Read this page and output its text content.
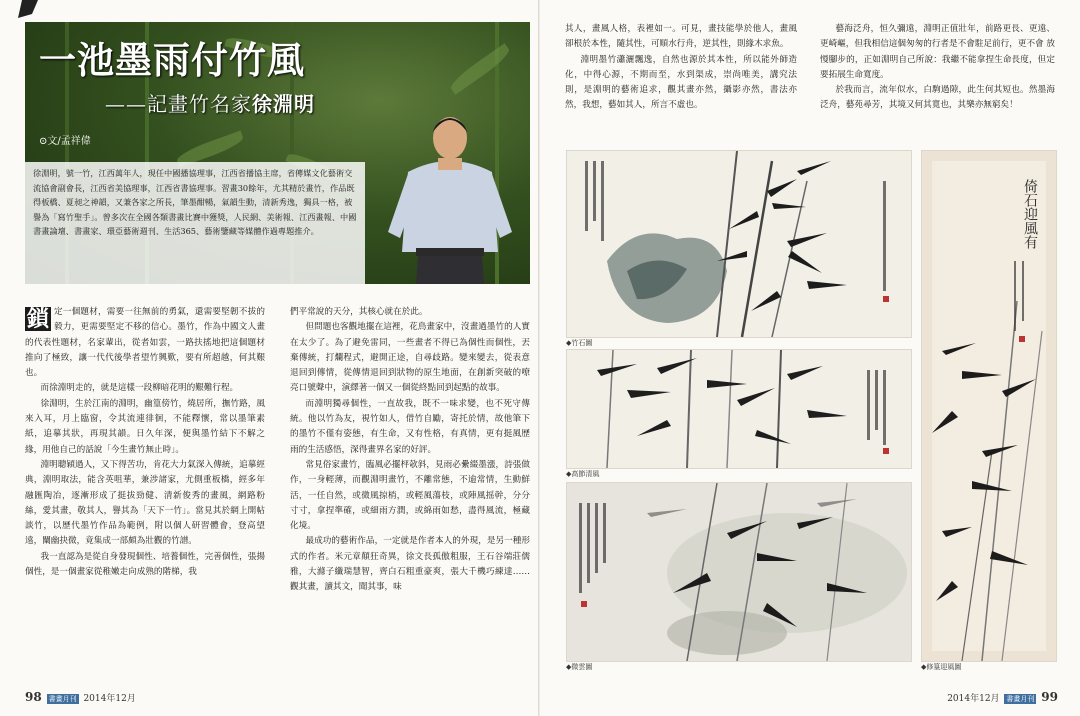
一池墨雨付竹風
——記畫竹名家徐淵明
⊙文/孟祥偉
徐淵明，號一竹，江西萬年人，現任中國播協理事，江西省播協主席，省傳媒文化藝術交流協會副會長，江西省美協理事，江西省書協理事。習畫30餘年，尤其精於畫竹，作品既得板橋、夏昶之神韻，又兼各家之所長，筆墨酣暢，氣韻生動，清新秀逸，獨具一格，被譽為「寫竹聖手」。曾多次在全國各類書畫比賽中獲獎，人民網、美術報、江西畫報、中國書畫論壇、書畫家、環亞藝術週刊、生活365、藝術鑒藏等媒體作過專題推介。

鎖 定一個題材，需要一往無前的勇氣，還需要堅韌不拔的毅力，更需要堅定不移的信心。墨竹，作為中國文人畫的代表性題材，名家輩出，從者如雲，一路扶搖地把這個題材推向了極致，讓一代代後學者望竹興歎，要有所超越，何其艱也。

而徐淵明走的，就是這樣一段柳暗花明的艱難行程。

徐淵明，生於江南的淵明，幽篁傍竹，燒居所，撫竹路，風來入耳，月上臨窗，令其流連徘徊，不能釋懷，常以墨筆素紙，追摹其狀，再現其韻。日久年深，便與墨竹結下不解之緣，用他自己的話說「今生畫竹無止時」。

淵明聰穎過人，又下得苦功，肯花大力氣深入傳統，追摹經典，淵明取法，能含英咀華，兼涉諸家，尤側重板橋，經多年融匯陶冶，逐漸形成了挺拔勁健、清新俊秀的畫風，網路粉絲，愛其畫，敬其人，譽其為「天下一竹」。當見其於網上開帖談竹，以歷代墨竹作品為範例，附以個人研習體會，登高望遠，闡幽抉微，竟集成一部頗為壯觀的竹譜。

我一直認為是從自身發現個性、培養個性，完善個性，張揚個性，是一個畫家從稚嫩走向成熟的階梯，我

們平常說的天分，其核心就在於此。

但問題也客觀地擺在這裡，花鳥畫家中，沒畫過墨竹的人實在太少了。為了避免雷同，一些畫者不得已為個性而個性，丟棄傳統，打爛程式，避開正途，自尋歧路。變來變去，從表意退回到傳情，從傳情退回到狀物的原生地面，在創新突破的嘹亮口號聲中，演繹著一個又一個從終點回到起點的故事。

而淵明獨尋個性，一直故我，既不一味求變，也不死守傳統。他以竹為友，視竹如人，借竹自勵，寄托於情，故他筆下的墨竹不僅有姿態，有生命，又有性格，有真情，更有挺風歷雨的生活感悟，深得畫界名家的好評。

常見俗家畫竹，臨風必擺枰欹斜，見雨必纍綴墨漲，詩張做作，一身輕薄，而觀淵明畫竹，不離常態，不逾常情，生動鮮活，一任自然，或微風掠梢，或輕風蕩枝，或陣風摇幹，分分寸寸，拿捏準確，或細雨方潤，或綿雨如愁，盡得風流，極藏化境。

最成功的藝術作品，一定就是作者本人的外現，是另一種形式的作者。米元章顛狂奇異，徐文長孤傲粗服，王石谷端莊儒雅，大滌子纖瑞慧智，齊白石粗重豪爽，張大千機巧練達……觀其畫，讀其文，聞其事，味

98 書畫月刊 2014年12月

其人，畫風人格，表裡如一。可見，畫技能學於他人，畫風卻根於本性，隨其性，可順水行舟，逆其性，則緣木求魚。

淵明墨竹瀟灑飄逸，自然也源於其本性，所以能外師造化，中得心源，不期而至，水到渠成，崇尚唯美，講究法則，是淵明的藝術追求，觀其畫亦然，攝影亦然，書法亦然，我想，藝如其人，所言不虛也。

藝海泛舟，恒久彌遠，淵明正值壯年，前路更長、更遠、更崎嶇，但我相信這個匆匆的行者是不會駐足前行，更不會 放慢腳步的，正如淵明自己所說：我繼不能拿捏生命長度，但定要拓展生命寬度。

於我而言，流年似水，白駒過隙，此生何其短也。然墨海泛舟，藝苑尋芳，其境又何其寬也，其樂亦無窮矣！

◆竹石圖
◆高節清風
◆微雲圖
倚石迎風有
◆修篁迎風圖
2014年12月 書畫月刊 99
